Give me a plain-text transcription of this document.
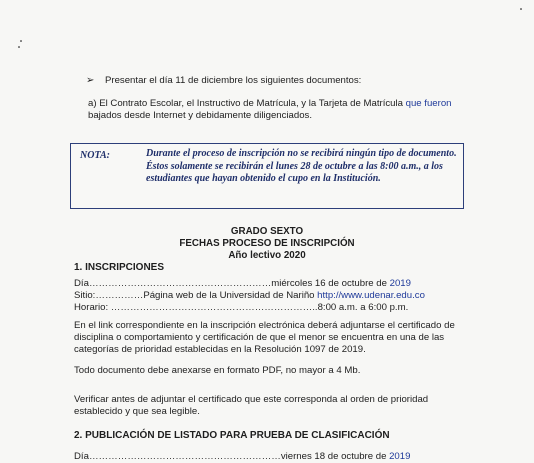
➢ Presentar el día 11 de diciembre los siguientes documentos:
a) El Contrato Escolar, el Instructivo de Matrícula, y la Tarjeta de Matrícula que fueron
bajados desde Internet y debidamente diligenciados.
NOTA:	Durante el proceso de inscripción no se recibirá ningún tipo de documento. Éstos solamente se recibirán el lunes 28 de octubre a las 8:00 a.m., a los estudiantes que hayan obtenido el cupo en la Institución.
GRADO SEXTO
FECHAS PROCESO DE INSCRIPCIÓN
Año lectivo 2020
1. INSCRIPCIONES
Día…………………………………………………miércoles 16 de octubre de 2019
Sitio:……………Página web de la Universidad de Nariño http://www.udenar.edu.co
Horario: ………………………………………………………..8:00 a.m. a 6:00 p.m.
En el link correspondiente en la inscripción electrónica deberá adjuntarse el certificado de disciplina o comportamiento y certificación de que el menor se encuentra en una de las categorías de prioridad establecidas en la Resolución 1097 de 2019.
Todo documento debe anexarse en formato PDF, no mayor a 4 Mb.
Verificar antes de adjuntar el certificado que este corresponda al orden de prioridad establecido y que sea legible.
2. PUBLICACIÓN DE LISTADO PARA PRUEBA DE CLASIFICACIÓN
Día……………………………………………………viernes 18 de octubre de 2019
